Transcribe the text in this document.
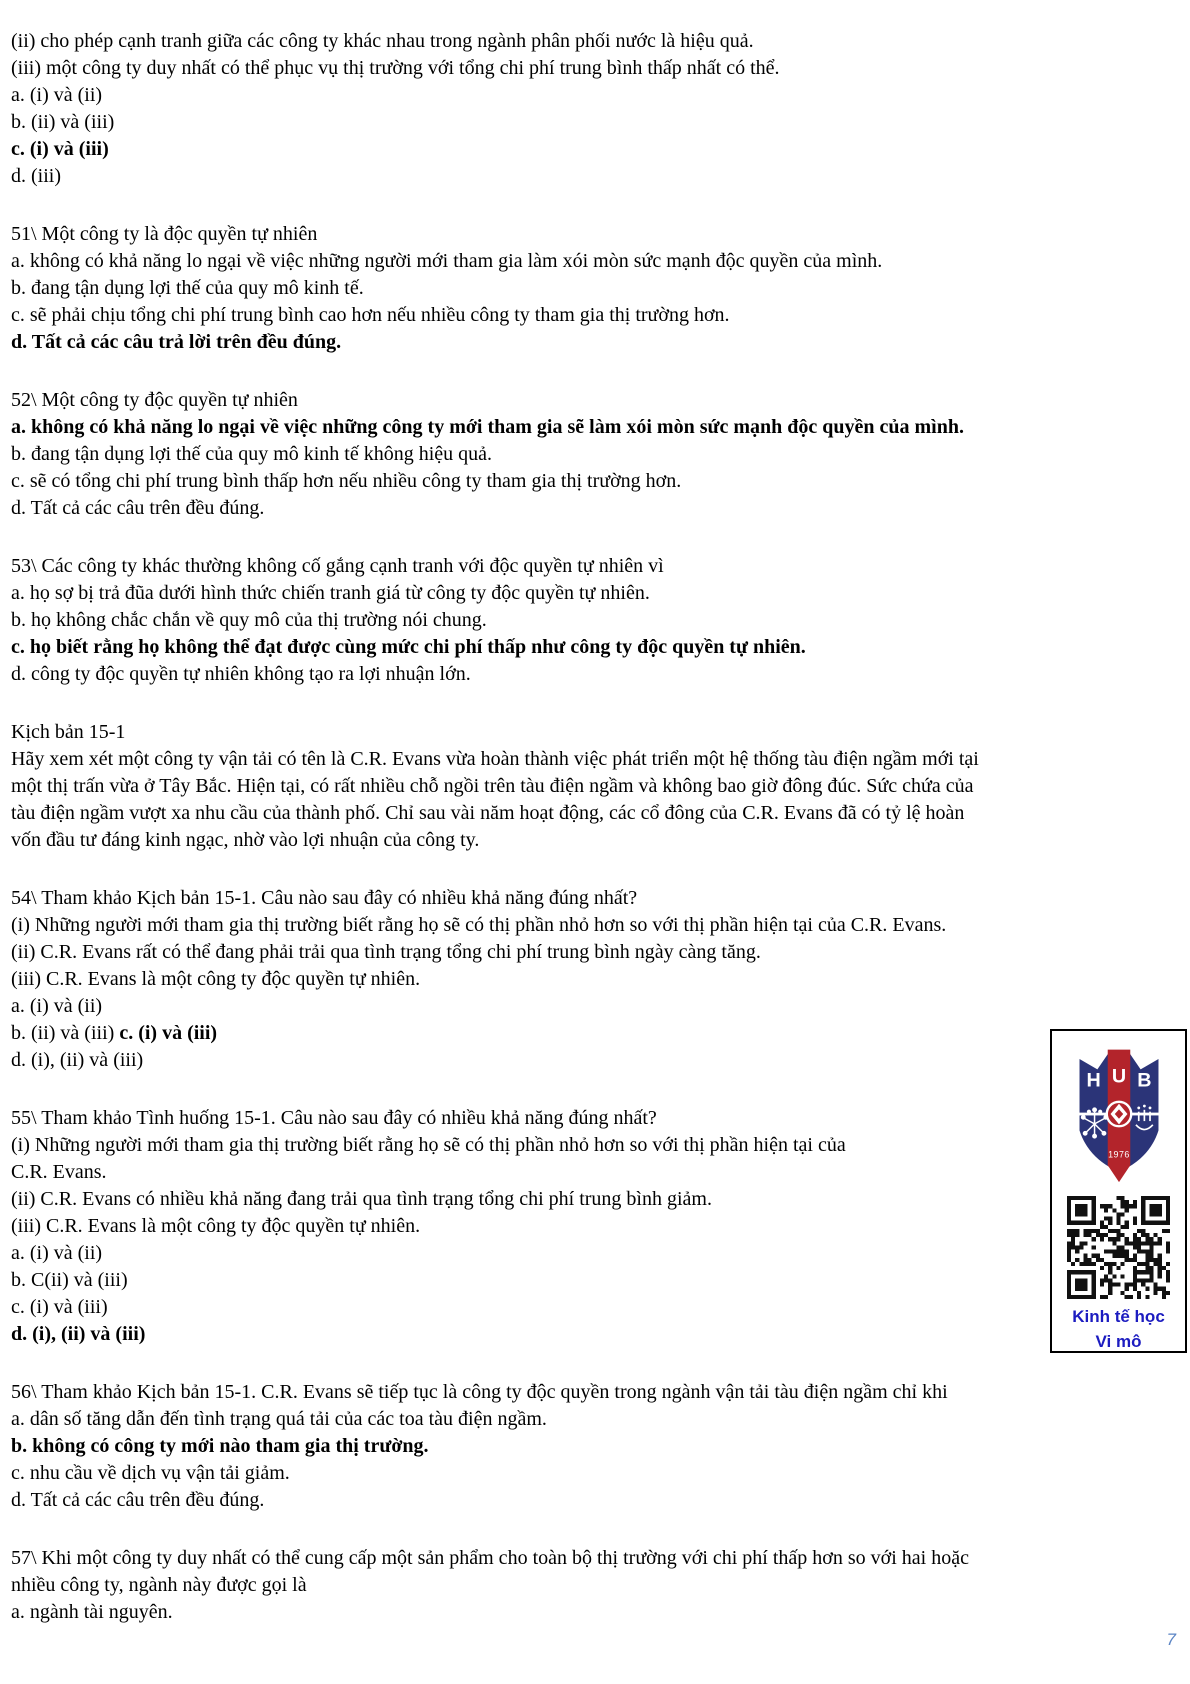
(ii) cho phép cạnh tranh giữa các công ty khác nhau trong ngành phân phối nước là hiệu quả.
(iii) một công ty duy nhất có thể phục vụ thị trường với tổng chi phí trung bình thấp nhất có thể.
a. (i) và (ii)
b. (ii) và (iii)
c. (i) và (iii)
d. (iii)
51\ Một công ty là độc quyền tự nhiên
a. không có khả năng lo ngại về việc những người mới tham gia làm xói mòn sức mạnh độc quyền của mình.
b. đang tận dụng lợi thế của quy mô kinh tế.
c. sẽ phải chịu tổng chi phí trung bình cao hơn nếu nhiều công ty tham gia thị trường hơn.
d. Tất cả các câu trả lời trên đều đúng.
52\ Một công ty độc quyền tự nhiên
a. không có khả năng lo ngại về việc những công ty mới tham gia sẽ làm xói mòn sức mạnh độc quyền của mình.
b. đang tận dụng lợi thế của quy mô kinh tế không hiệu quả.
c. sẽ có tổng chi phí trung bình thấp hơn nếu nhiều công ty tham gia thị trường hơn.
d. Tất cả các câu trên đều đúng.
53\ Các công ty khác thường không cố gắng cạnh tranh với độc quyền tự nhiên vì
a. họ sợ bị trả đũa dưới hình thức chiến tranh giá từ công ty độc quyền tự nhiên.
b. họ không chắc chắn về quy mô của thị trường nói chung.
c. họ biết rằng họ không thể đạt được cùng mức chi phí thấp như công ty độc quyền tự nhiên.
d. công ty độc quyền tự nhiên không tạo ra lợi nhuận lớn.
Kịch bản 15-1
Hãy xem xét một công ty vận tải có tên là C.R. Evans vừa hoàn thành việc phát triển một hệ thống tàu điện ngầm mới tại
một thị trấn vừa ở Tây Bắc. Hiện tại, có rất nhiều chỗ ngồi trên tàu điện ngầm và không bao giờ đông đúc. Sức chứa của
tàu điện ngầm vượt xa nhu cầu của thành phố. Chỉ sau vài năm hoạt động, các cổ đông của C.R. Evans đã có tỷ lệ hoàn
vốn đầu tư đáng kinh ngạc, nhờ vào lợi nhuận của công ty.
54\ Tham khảo Kịch bản 15-1. Câu nào sau đây có nhiều khả năng đúng nhất?
(i) Những người mới tham gia thị trường biết rằng họ sẽ có thị phần nhỏ hơn so với thị phần hiện tại của C.R. Evans.
(ii) C.R. Evans rất có thể đang phải trải qua tình trạng tổng chi phí trung bình ngày càng tăng.
(iii) C.R. Evans là một công ty độc quyền tự nhiên.
a. (i) và (ii)
b. (ii) và (iii) c. (i) và (iii)
d. (i), (ii) và (iii)
55\ Tham khảo Tình huống 15-1. Câu nào sau đây có nhiều khả năng đúng nhất?
(i) Những người mới tham gia thị trường biết rằng họ sẽ có thị phần nhỏ hơn so với thị phần hiện tại của
C.R. Evans.
(ii) C.R. Evans có nhiều khả năng đang trải qua tình trạng tổng chi phí trung bình giảm.
(iii) C.R. Evans là một công ty độc quyền tự nhiên.
a. (i) và (ii)
b. C(ii) và (iii)
c. (i) và (iii)
d. (i), (ii) và (iii)
56\ Tham khảo Kịch bản 15-1. C.R. Evans sẽ tiếp tục là công ty độc quyền trong ngành vận tải tàu điện ngầm chỉ khi
a. dân số tăng dẫn đến tình trạng quá tải của các toa tàu điện ngầm.
b. không có công ty mới nào tham gia thị trường.
c. nhu cầu về dịch vụ vận tải giảm.
d. Tất cả các câu trên đều đúng.
57\ Khi một công ty duy nhất có thể cung cấp một sản phẩm cho toàn bộ thị trường với chi phí thấp hơn so với hai hoặc
nhiều công ty, ngành này được gọi là
a. ngành tài nguyên.
H U B
1976
Kinh tế học
Vi mô
7
